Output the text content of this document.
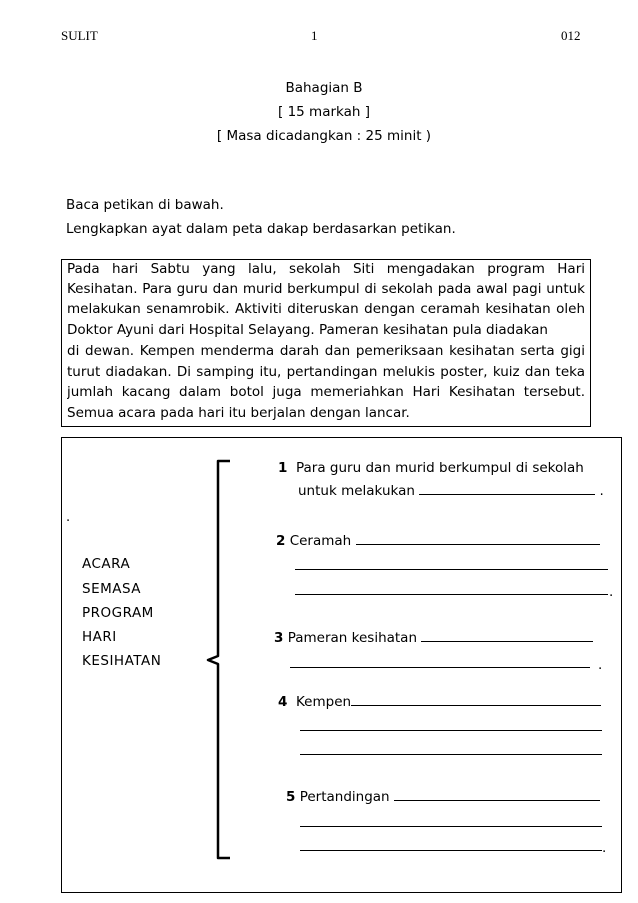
SULIT	1	012
Bahagian B
[ 15 markah ]
[ Masa dicadangkan : 25 minit )
Baca petikan di bawah.
Lengkapkan ayat dalam peta dakap berdasarkan petikan.
Pada hari Sabtu yang lalu, sekolah Siti mengadakan program Hari
Kesihatan. Para guru dan murid berkumpul di sekolah pada awal pagi untuk
melakukan senamrobik. Aktiviti diteruskan dengan ceramah kesihatan oleh
Doktor Ayuni dari Hospital Selayang. Pameran kesihatan pula diadakan
di dewan. Kempen menderma darah dan pemeriksaan kesihatan serta gigi
turut diadakan. Di samping itu, pertandingan melukis poster, kuiz dan teka
jumlah kacang dalam botol juga memeriahkan Hari Kesihatan tersebut.
Semua acara pada hari itu berjalan dengan lancar.
.
ACARA
SEMASA
PROGRAM
HARI
KESIHATAN
1 Para guru dan murid berkumpul di sekolah
untuk melakukan	.
2 Ceramah
.
3 Pameran kesihatan
.
4 Kempen
5 Pertandingan
.
